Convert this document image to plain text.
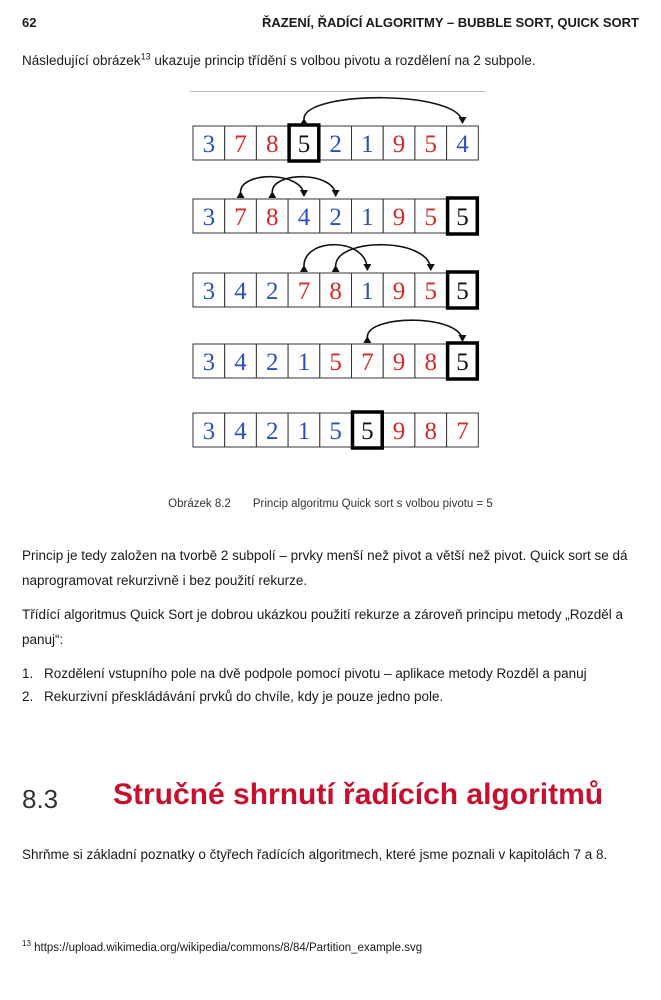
62	ŘAZENÍ, ŘADÍCÍ ALGORITMY – BUBBLE SORT, QUICK SORT
Následující obrázek$^{13}$ ukazuje princip třídění s volbou pivotu a rozdělení na 2 subpole.
3 7 8 5 2 1 9 5 4
3 7 8 4 2 1 9 5 5
3 4 2 7 8 1 9 5 5
3 4 2 1 5 7 9 8 5
3 4 2 1 5 5 9 8 7
Obrázek 8.2 Princip algoritmu Quick sort s volbou pivotu = 5
Princip je tedy založen na tvorbě 2 subpolí – prvky menší než pivot a větší než pivot. Quick sort se dá naprogramovat rekurzivně i bez použití rekurze.
Třídící algoritmus Quick Sort je dobrou ukázkou použití rekurze a zároveň principu metody „Rozděl a panuj“:
1. Rozdělení vstupního pole na dvě podpole pomocí pivotu – aplikace metody Rozděl a panuj
2. Rekurzivní přeskládávání prvků do chvíle, kdy je pouze jedno pole.
8.3 Stručné shrnutí řadících algoritmů
Shrňme si základní poznatky o čtyřech řadících algoritmech, které jsme poznali v kapitolách 7 a 8.
$^{13}$ https://upload.wikimedia.org/wikipedia/commons/8/84/Partition_example.svg
